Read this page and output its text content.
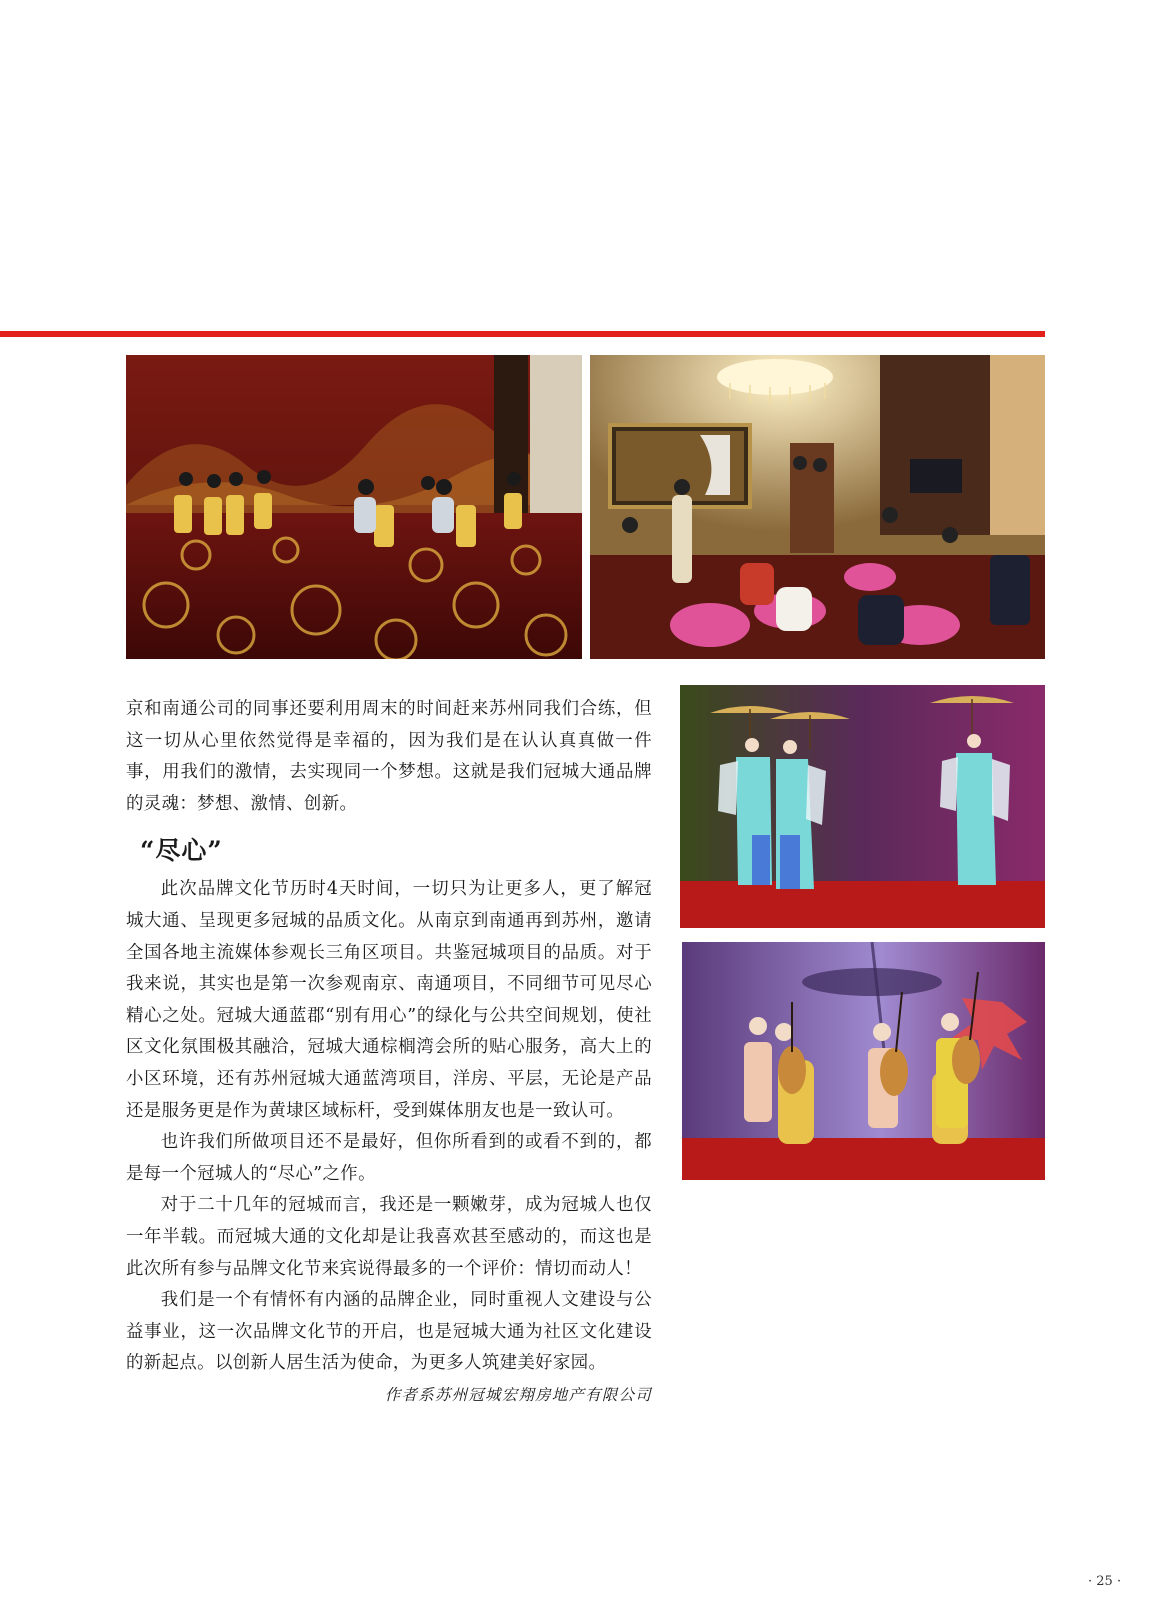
京和南通公司的同事还要利用周末的时间赶来苏州同我们合练，但这一切从心里依然觉得是幸福的，因为我们是在认认真真做一件事，用我们的激情，去实现同一个梦想。这就是我们冠城大通品牌的灵魂：梦想、激情、创新。

“尽心”

此次品牌文化节历时4天时间，一切只为让更多人，更了解冠城大通、呈现更多冠城的品质文化。从南京到南通再到苏州，邀请全国各地主流媒体参观长三角区项目。共鉴冠城项目的品质。对于我来说，其实也是第一次参观南京、南通项目，不同细节可见尽心精心之处。冠城大通蓝郡“别有用心”的绿化与公共空间规划，使社区文化氛围极其融洽，冠城大通棕榈湾会所的贴心服务，高大上的小区环境，还有苏州冠城大通蓝湾项目，洋房、平层，无论是产品还是服务更是作为黄埭区域标杆，受到媒体朋友也是一致认可。

也许我们所做项目还不是最好，但你所看到的或看不到的，都是每一个冠城人的“尽心”之作。

对于二十几年的冠城而言，我还是一颗嫩芽，成为冠城人也仅一年半载。而冠城大通的文化却是让我喜欢甚至感动的，而这也是此次所有参与品牌文化节来宾说得最多的一个评价：情切而动人！

我们是一个有情怀有内涵的品牌企业，同时重视人文建设与公益事业，这一次品牌文化节的开启，也是冠城大通为社区文化建设的新起点。以创新人居生活为使命，为更多人筑建美好家园。

作者系苏州冠城宏翔房地产有限公司

· 25 ·
